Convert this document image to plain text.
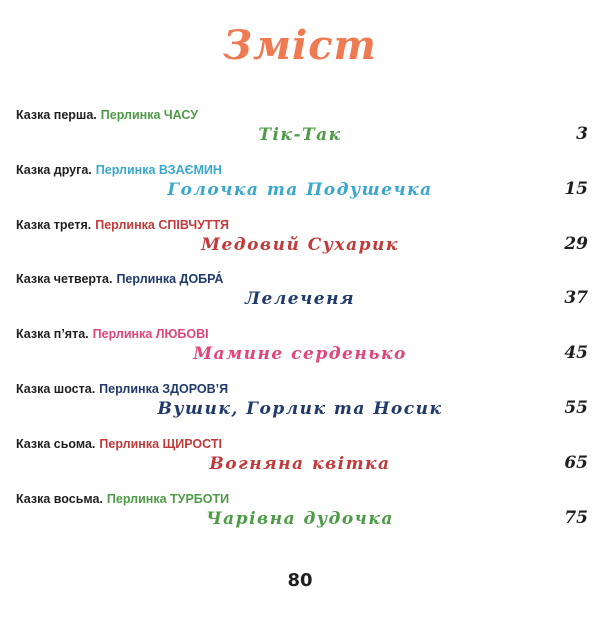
Зміст
Казка перша. Перлинка ЧАСУ
Тік-Так	3
Казка друга. Перлинка ВЗАЄМИН
Голочка та Подушечка	15
Казка третя. Перлинка СПІВЧУТТЯ
Медовий Сухарик	29
Казка четверта. Перлинка ДОБРА́
Лелеченя	37
Казка п’ята. Перлинка ЛЮБОВІ
Мамине серденько	45
Казка шоста. Перлинка ЗДОРОВ’Я
Вушик, Горлик та Носик	55
Казка сьома. Перлинка ЩИРОСТІ
Вогняна квітка	65
Казка восьма. Перлинка ТУРБОТИ
Чарівна дудочка	75
80
